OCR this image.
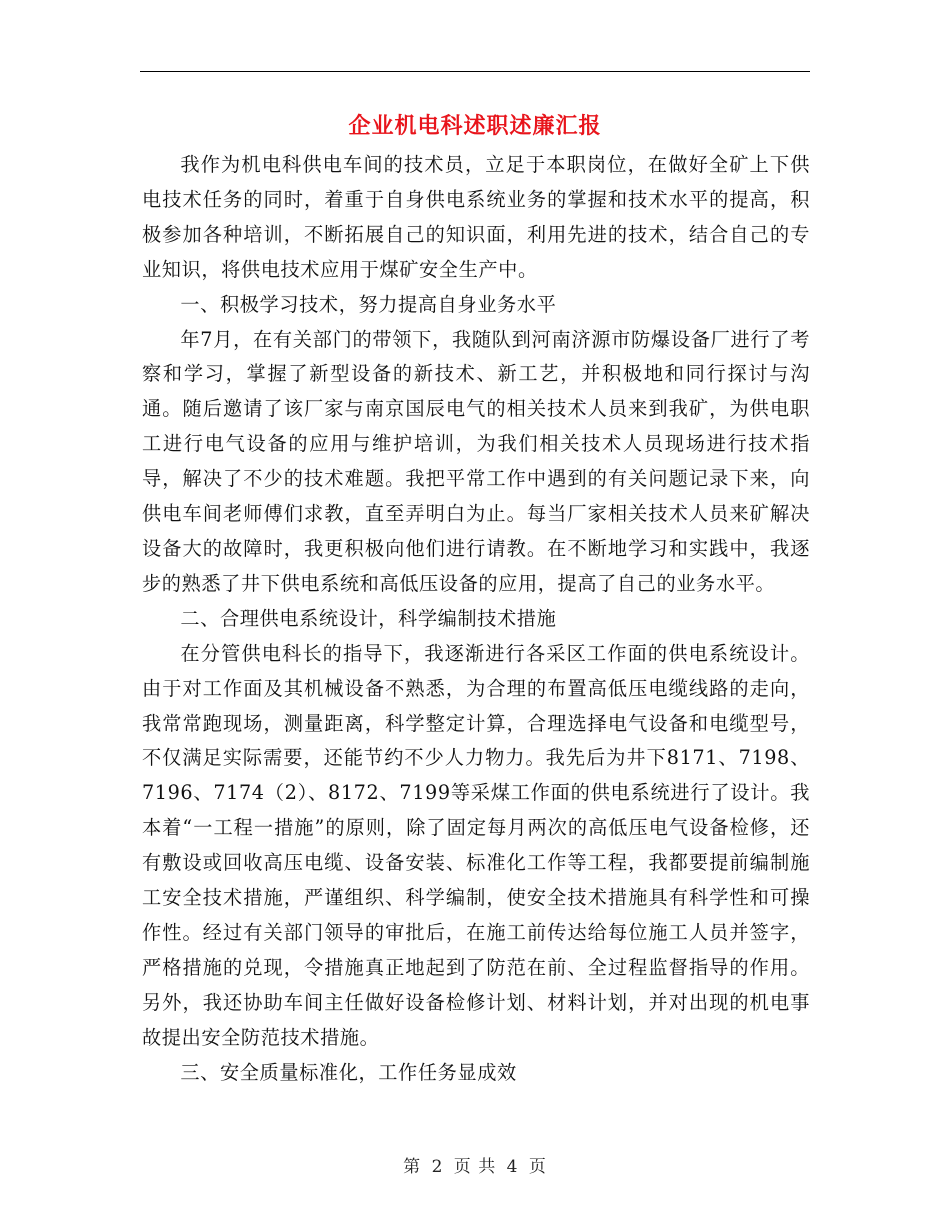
企业机电科述职述廉汇报

我作为机电科供电车间的技术员，立足于本职岗位，在做好全矿上下供电技术任务的同时，着重于自身供电系统业务的掌握和技术水平的提高，积极参加各种培训，不断拓展自己的知识面，利用先进的技术，结合自己的专业知识，将供电技术应用于煤矿安全生产中。

一、积极学习技术，努力提高自身业务水平

年7月，在有关部门的带领下，我随队到河南济源市防爆设备厂进行了考察和学习，掌握了新型设备的新技术、新工艺，并积极地和同行探讨与沟通。随后邀请了该厂家与南京国辰电气的相关技术人员来到我矿，为供电职工进行电气设备的应用与维护培训，为我们相关技术人员现场进行技术指导，解决了不少的技术难题。我把平常工作中遇到的有关问题记录下来，向供电车间老师傅们求教，直至弄明白为止。每当厂家相关技术人员来矿解决设备大的故障时，我更积极向他们进行请教。在不断地学习和实践中，我逐步的熟悉了井下供电系统和高低压设备的应用，提高了自己的业务水平。

二、合理供电系统设计，科学编制技术措施

在分管供电科长的指导下，我逐渐进行各采区工作面的供电系统设计。由于对工作面及其机械设备不熟悉，为合理的布置高低压电缆线路的走向，我常常跑现场，测量距离，科学整定计算，合理选择电气设备和电缆型号，不仅满足实际需要，还能节约不少人力物力。我先后为井下8171、7198、7196、7174（2）、8172、7199等采煤工作面的供电系统进行了设计。我本着“一工程一措施”的原则，除了固定每月两次的高低压电气设备检修，还有敷设或回收高压电缆、设备安装、标准化工作等工程，我都要提前编制施工安全技术措施，严谨组织、科学编制，使安全技术措施具有科学性和可操作性。经过有关部门领导的审批后，在施工前传达给每位施工人员并签字，严格措施的兑现，令措施真正地起到了防范在前、全过程监督指导的作用。另外，我还协助车间主任做好设备检修计划、材料计划，并对出现的机电事故提出安全防范技术措施。

三、安全质量标准化，工作任务显成效

第 2 页 共 4 页
